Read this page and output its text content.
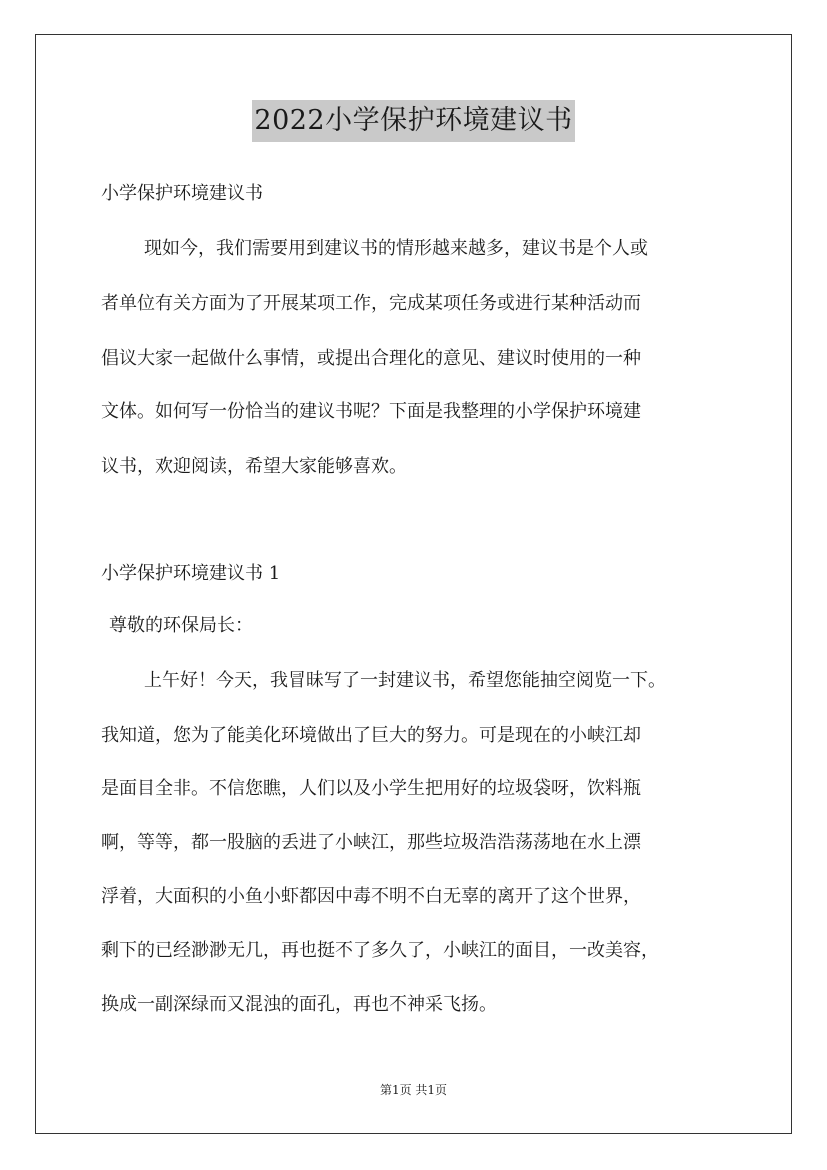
2022小学保护环境建议书
小学保护环境建议书
现如今，我们需要用到建议书的情形越来越多，建议书是个人或
者单位有关方面为了开展某项工作，完成某项任务或进行某种活动而
倡议大家一起做什么事情，或提出合理化的意见、建议时使用的一种
文体。如何写一份恰当的建议书呢？下面是我整理的小学保护环境建
议书，欢迎阅读，希望大家能够喜欢。
小学保护环境建议书 1
尊敬的环保局长：
上午好！今天，我冒昧写了一封建议书，希望您能抽空阅览一下。
我知道，您为了能美化环境做出了巨大的努力。可是现在的小峡江却
是面目全非。不信您瞧，人们以及小学生把用好的垃圾袋呀，饮料瓶
啊，等等，都一股脑的丢进了小峡江，那些垃圾浩浩荡荡地在水上漂
浮着，大面积的小鱼小虾都因中毒不明不白无辜的离开了这个世界，
剩下的已经渺渺无几，再也挺不了多久了，小峡江的面目，一改美容，
换成一副深绿而又混浊的面孔，再也不神采飞扬。
第1页 共1页
